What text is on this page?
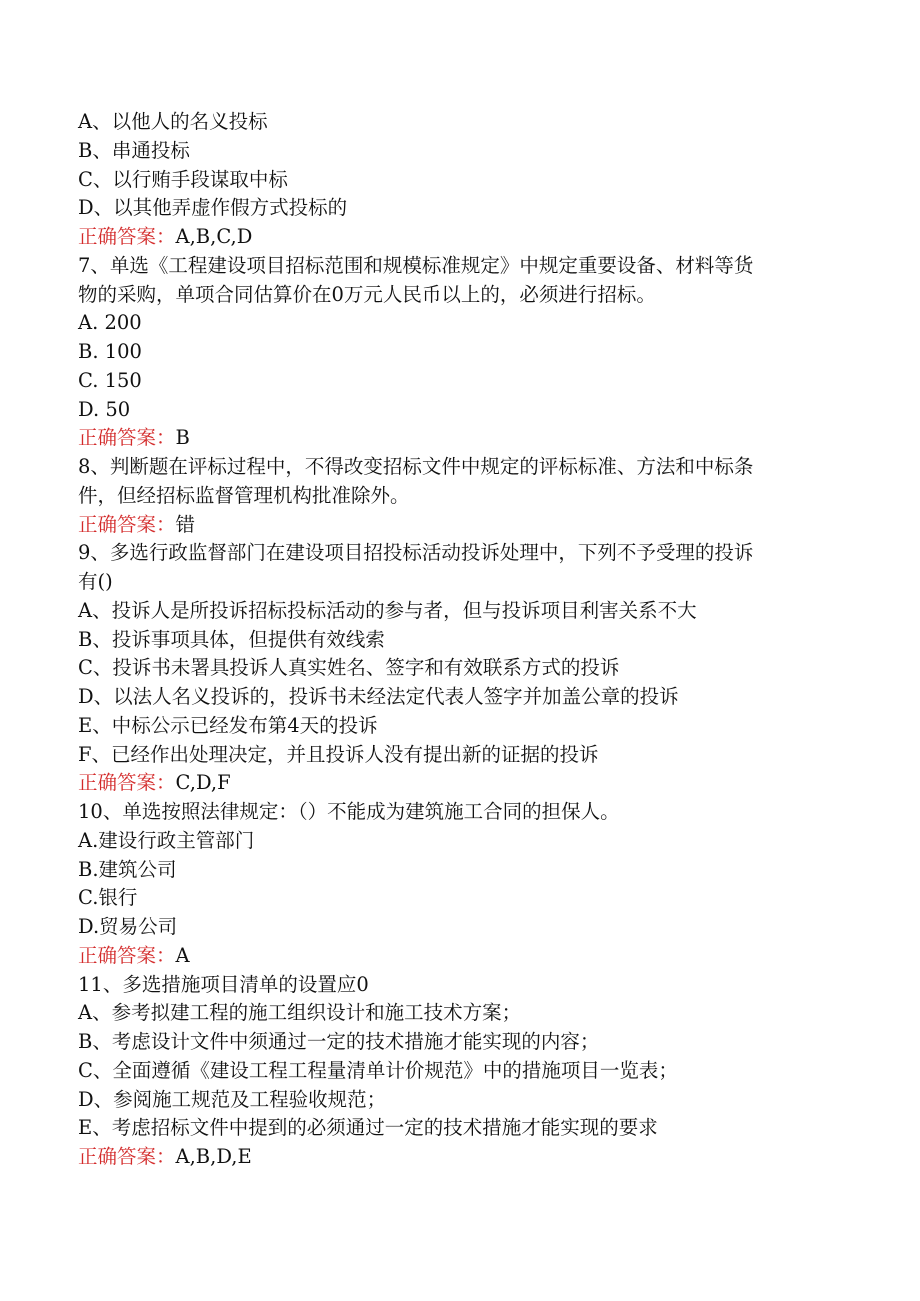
A、以他人的名义投标
B、串通投标
C、以行贿手段谋取中标
D、以其他弄虚作假方式投标的
正确答案：A,B,C,D
7、单选《工程建设项目招标范围和规模标准规定》中规定重要设备、材料等货
物的采购，单项合同估算价在0万元人民币以上的，必须进行招标。
A. 200
B. 100
C. 150
D. 50
正确答案：B
8、判断题在评标过程中，不得改变招标文件中规定的评标标准、方法和中标条
件，但经招标监督管理机构批准除外。
正确答案：错
9、多选行政监督部门在建设项目招投标活动投诉处理中，下列不予受理的投诉
有()
A、投诉人是所投诉招标投标活动的参与者，但与投诉项目利害关系不大
B、投诉事项具体，但提供有效线索
C、投诉书未署具投诉人真实姓名、签字和有效联系方式的投诉
D、以法人名义投诉的，投诉书未经法定代表人签字并加盖公章的投诉
E、中标公示已经发布第4天的投诉
F、已经作出处理决定，并且投诉人没有提出新的证据的投诉
正确答案：C,D,F
10、单选按照法律规定：（）不能成为建筑施工合同的担保人。
A.建设行政主管部门
B.建筑公司
C.银行
D.贸易公司
正确答案：A
11、多选措施项目清单的设置应0
A、参考拟建工程的施工组织设计和施工技术方案；
B、考虑设计文件中须通过一定的技术措施才能实现的内容；
C、全面遵循《建设工程工程量清单计价规范》中的措施项目一览表；
D、参阅施工规范及工程验收规范；
E、考虑招标文件中提到的必须通过一定的技术措施才能实现的要求
正确答案：A,B,D,E
